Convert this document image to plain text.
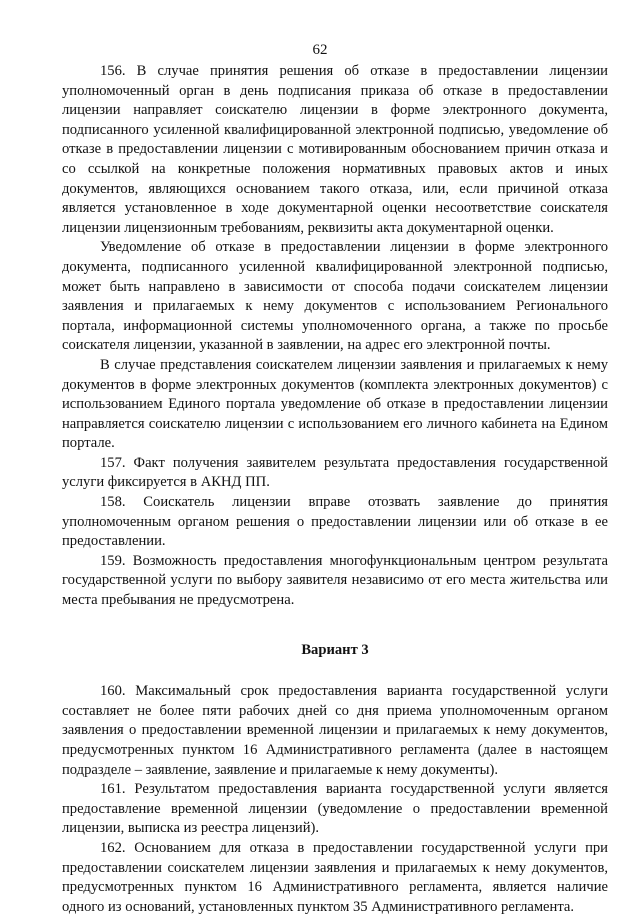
62

156. В случае принятия решения об отказе в предоставлении лицензии уполномоченный орган в день подписания приказа об отказе в предоставлении лицензии направляет соискателю лицензии в форме электронного документа, подписанного усиленной квалифицированной электронной подписью, уведомление об отказе в предоставлении лицензии с мотивированным обоснованием причин отказа и со ссылкой на конкретные положения нормативных правовых актов и иных документов, являющихся основанием такого отказа, или, если причиной отказа является установленное в ходе документарной оценки несоответствие соискателя лицензии лицензионным требованиям, реквизиты акта документарной оценки.

Уведомление об отказе в предоставлении лицензии в форме электронного документа, подписанного усиленной квалифицированной электронной подписью, может быть направлено в зависимости от способа подачи соискателем лицензии заявления и прилагаемых к нему документов с использованием Регионального портала, информационной системы уполномоченного органа, а также по просьбе соискателя лицензии, указанной в заявлении, на адрес его электронной почты.

В случае представления соискателем лицензии заявления и прилагаемых к нему документов в форме электронных документов (комплекта электронных документов) с использованием Единого портала уведомление об отказе в предоставлении лицензии направляется соискателю лицензии с использованием его личного кабинета на Едином портале.

157. Факт получения заявителем результата предоставления государственной услуги фиксируется в АКНД ПП.

158. Соискатель лицензии вправе отозвать заявление до принятия уполномоченным органом решения о предоставлении лицензии или об отказе в ее предоставлении.

159. Возможность предоставления многофункциональным центром результата государственной услуги по выбору заявителя независимо от его места жительства или места пребывания не предусмотрена.

Вариант 3

160. Максимальный срок предоставления варианта государственной услуги составляет не более пяти рабочих дней со дня приема уполномоченным органом заявления о предоставлении временной лицензии и прилагаемых к нему документов, предусмотренных пунктом 16 Административного регламента (далее в настоящем подразделе – заявление, заявление и прилагаемые к нему документы).

161. Результатом предоставления варианта государственной услуги является предоставление временной лицензии (уведомление о предоставлении временной лицензии, выписка из реестра лицензий).

162. Основанием для отказа в предоставлении государственной услуги при предоставлении соискателем лицензии заявления и прилагаемых к нему документов, предусмотренных пунктом 16 Административного регламента, является наличие одного из оснований, установленных пунктом 35 Административного регламента.
